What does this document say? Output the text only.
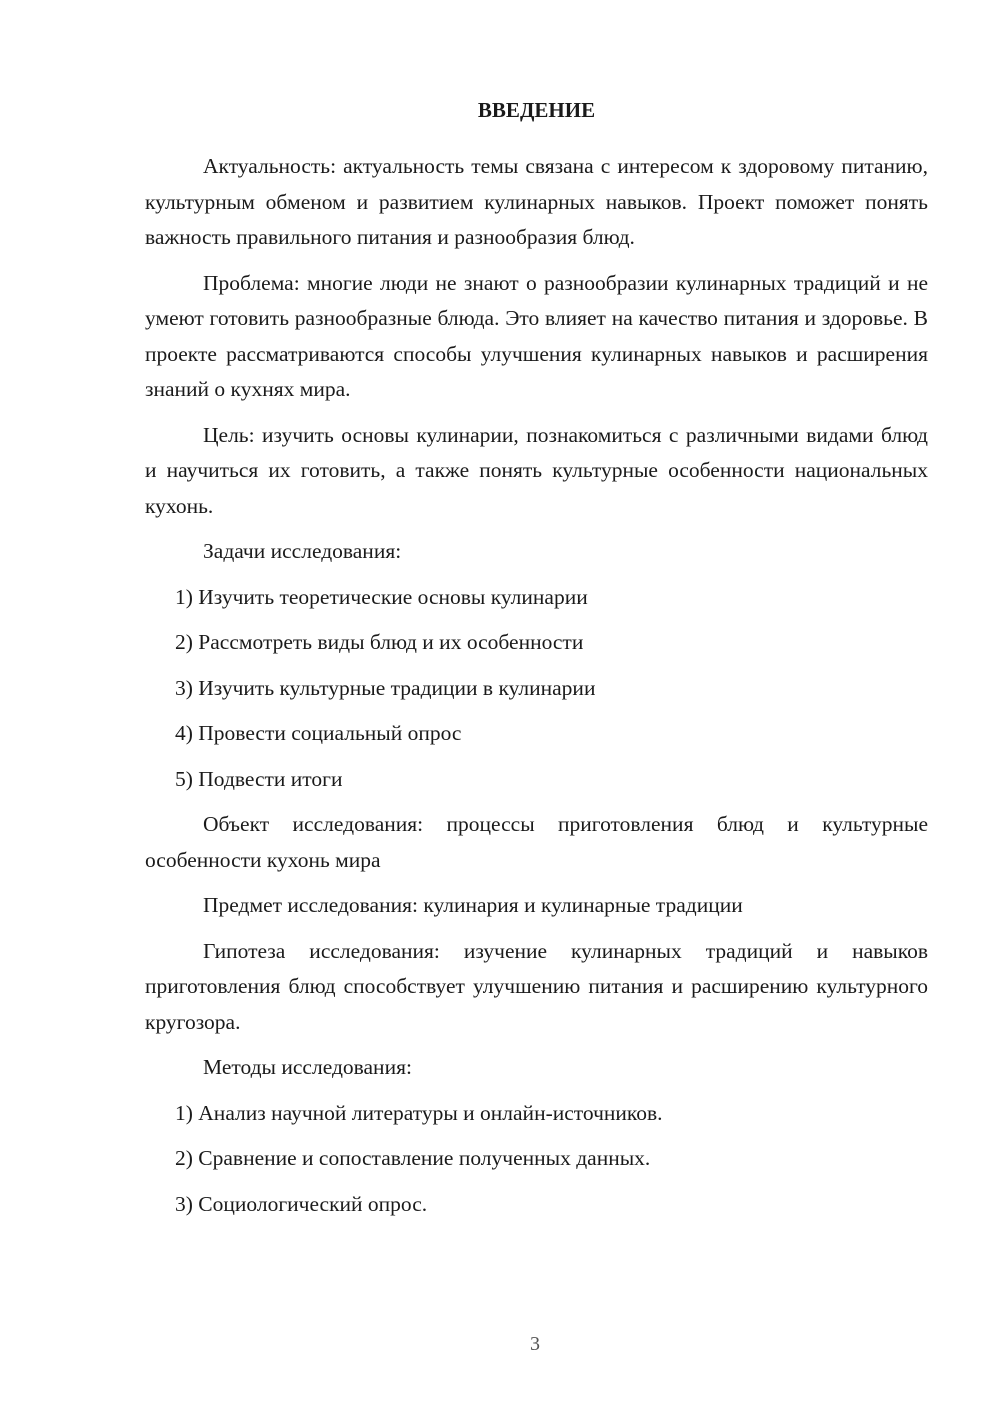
ВВЕДЕНИЕ

Актуальность: актуальность темы связана с интересом к здоровому питанию, культурным обменом и развитием кулинарных навыков. Проект поможет понять важность правильного питания и разнообразия блюд.

Проблема: многие люди не знают о разнообразии кулинарных традиций и не умеют готовить разнообразные блюда. Это влияет на качество питания и здоровье. В проекте рассматриваются способы улучшения кулинарных навыков и расширения знаний о кухнях мира.

Цель: изучить основы кулинарии, познакомиться с различными видами блюд и научиться их готовить, а также понять культурные особенности национальных кухонь.

Задачи исследования:

1) Изучить теоретические основы кулинарии
2) Рассмотреть виды блюд и их особенности
3) Изучить культурные традиции в кулинарии
4) Провести социальный опрос
5) Подвести итоги

Объект исследования: процессы приготовления блюд и культурные особенности кухонь мира

Предмет исследования: кулинария и кулинарные традиции

Гипотеза исследования: изучение кулинарных традиций и навыков приготовления блюд способствует улучшению питания и расширению культурного кругозора.

Методы исследования:

1) Анализ научной литературы и онлайн-источников.
2) Сравнение и сопоставление полученных данных.
3) Социологический опрос.
3
